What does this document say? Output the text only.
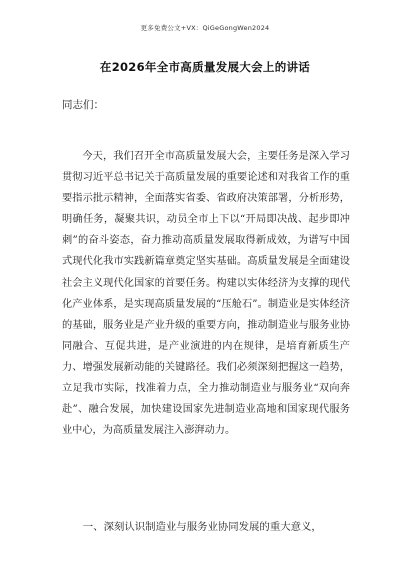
更多免费公文+VX：QiGeGongWen2024
在2026年全市高质量发展大会上的讲话
同志们：

今天，我们召开全市高质量发展大会，主要任务是深入学习贯彻习近平总书记关于高质量发展的重要论述和对我省工作的重要指示批示精神，全面落实省委、省政府决策部署，分析形势，明确任务，凝聚共识，动员全市上下以“开局即决战、起步即冲刺”的奋斗姿态，奋力推动高质量发展取得新成效，为谱写中国式现代化我市实践新篇章奠定坚实基础。高质量发展是全面建设社会主义现代化国家的首要任务。构建以实体经济为支撑的现代化产业体系，是实现高质量发展的“压舱石”。制造业是实体经济的基础，服务业是产业升级的重要方向，推动制造业与服务业协同融合、互促共进，是产业演进的内在规律，是培育新质生产力、增强发展新动能的关键路径。我们必须深刻把握这一趋势，立足我市实际，找准着力点，全力推动制造业与服务业“双向奔赴”、融合发展，加快建设国家先进制造业高地和国家现代服务业中心，为高质量发展注入澎湃动力。

一、深刻认识制造业与服务业协同发展的重大意义，
